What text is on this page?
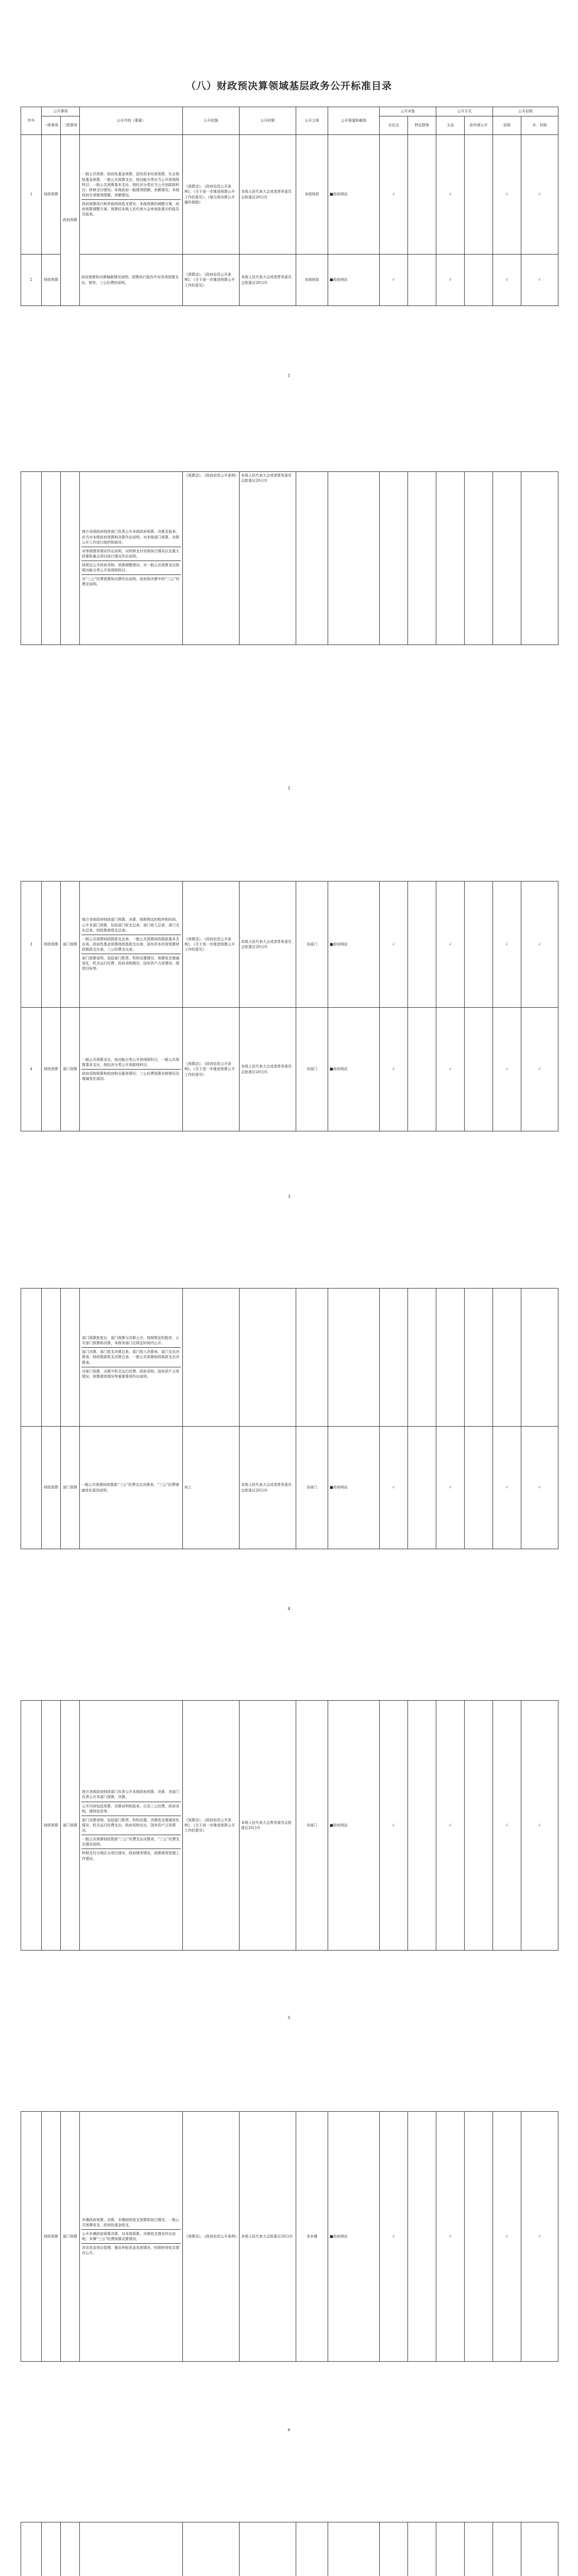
（八）财政预决算领域基层政务公开标准目录
序号	公开事项		公开内容（要素）	公开依据	公开时限	公开主体	公开渠道和载体	公开对象		公开方式		公开层级	
	一级事项	二级事项						全社会	特定群体	主动	依申请公开	县级	乡、村级
1	财政预算	政府预算	一般公共预算、政府性基金预算、国有资本经营预算、社会保险基金预算；一般公共预算支出，按功能分类应当公开到项级科目；一般公共预算基本支出，按经济分类应当公开到款级科目；转移支付情况；本级政府一般债务限额、余额情况；本级政府专项债务限额、余额情况。
政府预算执行和其他财政收支情况，本级预算的调整方案，政府预算调整方案，预算经本级人民代表大会审查批准后的报告及报表。	《预算法》、《政府信息公开条例》、《关于进一步推进预算公开工作的意见》、《地方预决算公开操作规程》	本级人民代表大会或者常务委员会批准后20日内	本级财政	■政府网站	√		√		√	√
2	财政预算		政府预算和决算编制情况说明，预算执行报告中对各项预算支出、债务、三公经费的说明。	《预算法》、《政府信息公开条例》、《关于进一步推进预算公开工作的意见》	本级人民代表大会或者常务委员会批准后20日内	本级财政	■政府网站	√		√		√	√
1

地方各级政府财政部门负责公开本级政府预算、决算及报表，应当对本级政府预算和决算作出说明，对本级部门预算、决算公开工作进行组织和指导。
对举借债务情况作出说明，对转移支付安排执行情况以及重大政策和重点项目执行情况作出说明。
按规定公开政府采购、预算调整情况，对一般公共预算支出按照功能分类公开到项级科目。
对“三公”经费预算和决算作出说明，政府预决算中的“三公”经费及说明。
	《预算法》、《政府信息公开条例》	本级人民代表大会或者常务委员会批准后20日内								
2
3	财政预算	部门预算	地方各级政府财政部门预算、决算，按照规定的程序和时间，公开本部门预算，包括部门收支总表、部门收入总表、部门支出总表、财政拨款收支总表。
一般公共预算财政拨款支出表、一般公共预算财政拨款基本支出表、政府性基金预算财政拨款支出表、国有资本经营预算财政拨款支出表、三公经费支出表。
部门预算说明，包括部门职责、机构设置情况、预算收支增减变化、机关运行经费、政府采购情况、国有资产占用情况、绩效目标等。	《预算法》、《政府信息公开条例》、《关于进一步推进预算公开工作的意见》	本级人民代表大会或者常务委员会批准后20日内	各部门	■政府网站	√		√		√	√
4	财政预算	部门预算	一般公共预算支出，按功能分类公开到项级科目，一般公共预算基本支出，按经济分类公开到款级科目。
政府采购预算和政府购买服务情况；三公经费预算安排情况及增减变化原因。	《预算法》、《政府信息公开条例》、《关于进一步推进预算公开工作的意见》	本级人民代表大会或者常务委员会批准后20日内	各部门	■政府网站	√		√		√	√
3

			部门预算批复后，部门预算与决算公开，按照规定的程序，公开部门预算和决算，本级各部门在规定时间内公开。
部门决算，部门收支决算总表、部门收入决算表、部门支出决算表、财政拨款收支决算总表、一般公共预算财政拨款支出决算表。
对部门预算、决算中机关运行经费、政府采购、国有资产占用情况、预算绩效情况等重要事项作出说明。										

	财政预算	部门预算	一般公共预算财政拨款“三公”经费支出决算表，“三公”经费增减变化原因说明。	同上	本级人民代表大会或者常务委员会批准后20日内	各部门	■政府网站	√		√		√	√
4
	财政预算	部门预算	
地方各级政府财政部门负责公开本级政府预算、决算，各部门负责公开本部门预算、决算。
公开内容包括预算、决算说明和报表，以及三公经费、政府采购、绩效信息等。
部门决算说明，包括部门职责、机构设置、决算收支增减变化情况、机关运行经费支出、政府采购支出、国有资产占用情况。
一般公共预算财政拨款“三公”经费支出决算表，“三公”经费支出情况说明。
转移支付分地区分项目情况，政府债务情况，预算绩效管理工作情况。
	《预算法》、《政府信息公开条例》、《关于进一步推进预算公开工作的意见》	本级人民代表大会常务委员会批准后20日内	各部门	■政府网站	√		√		√	√
5
	财政预算	部门预算	
乡镇政府预算、决算，乡镇财政收支预算和执行情况，一般公共预算收支、政府性基金收支。
公开乡镇政府预算决算，对本级预算、决算收支情况作出说明，乡镇“三公”经费预算决算情况。
涉农资金项目管理、惠农补贴资金发放情况，村级财务收支情况公开。
	《预算法》、《政府信息公开条例》	本级人民代表大会批准后20日内	各乡镇	■政府网站	√		√		√	√
6
